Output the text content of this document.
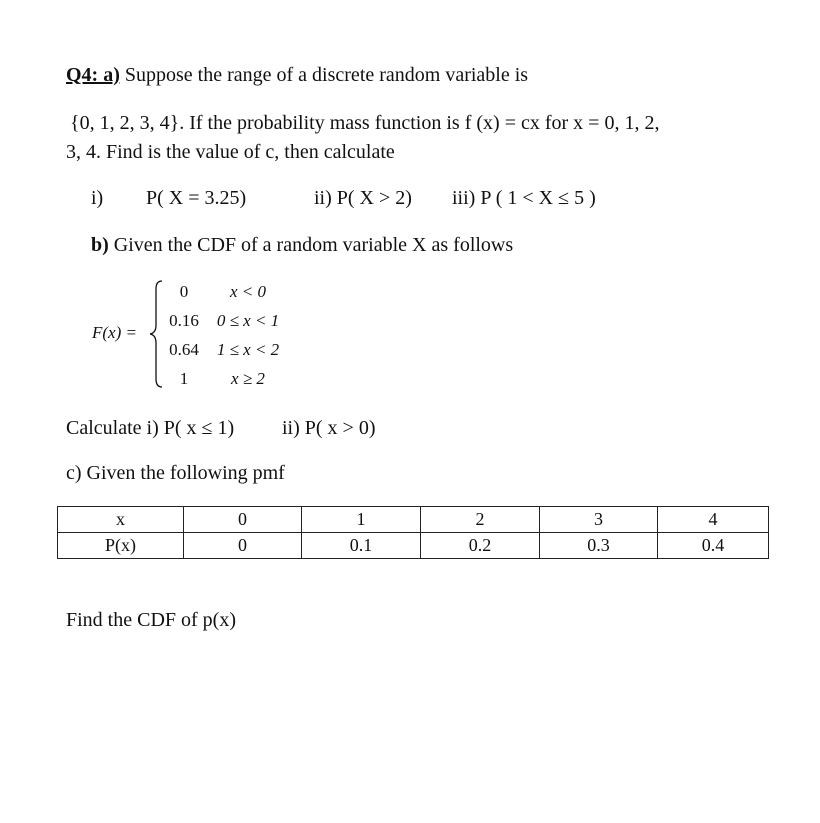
Q4: a) Suppose the range of a discrete random variable is
{0, 1, 2, 3, 4}. If the probability mass function is f (x) = cx for x = 0, 1, 2,
3, 4. Find is the value of c, then calculate
i) P( X = 3.25)	ii) P( X > 2) iii) P ( 1 < X ≤ 5 )
b) Given the CDF of a random variable X as follows
F(x) =
0	x < 0
0.16	0 ≤ x < 1
0.64	1 ≤ x < 2
1	x ≥ 2
Calculate i) P( x ≤ 1) ii) P( x > 0)
c) Given the following pmf
x	0	1	2	3	4
P(x)	0	0.1	0.2	0.3	0.4
Find the CDF of p(x)
